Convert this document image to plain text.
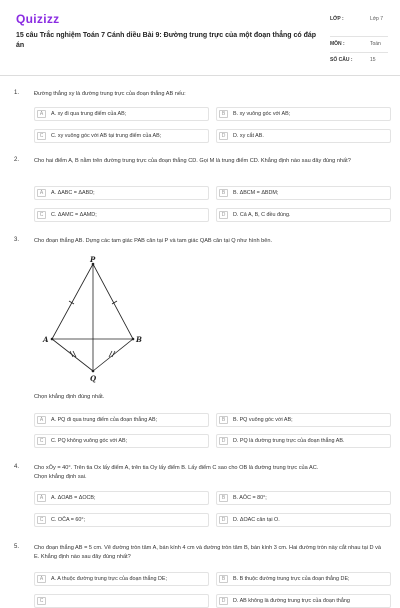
Quizizz
15 câu Trắc nghiệm Toán 7 Cánh diều Bài 9: Đường trung trực của một đoạn thẳng có đáp án
LỚP :	Lớp 7
MÔN :	Toán
SỐ CÂU :	15
1.	Đường thẳng xy là đường trung trực của đoạn thẳng AB nếu:
A	A. xy đi qua trung điểm của AB;	B	B. xy vuông góc với AB;
C	C. xy vuông góc với AB tại trung điểm của AB;	D	D. xy cắt AB.
2.	Cho hai điểm A, B nằm trên đường trung trực của đoạn thẳng CD. Gọi M là trung điểm CD. Khẳng định nào sau đây đúng nhất?
A	A. ΔABC = ΔABD;	B	B. ΔBCM = ΔBDM;
C	C. ΔAMC = ΔAMD;	D	D. Cả A, B, C đều đúng.
3.	Cho đoạn thẳng AB. Dựng các tam giác PAB cân tại P và tam giác QAB cân tại Q như hình bên.
P
A	B
Q
Chọn khẳng định đúng nhất.
A	A. PQ đi qua trung điểm của đoạn thẳng AB;	B	B. PQ vuông góc với AB;
C	C. PQ không vuông góc với AB;	D	D. PQ là đường trung trực của đoạn thẳng AB.
4.	Cho xÔy = 40°. Trên tia Ox lấy điểm A, trên tia Oy lấy điểm B. Lấy điểm C sao cho OB là đường trung trực của AC.
Chọn khẳng định sai.
A	A. ΔOAB = ΔOCB;	B	B. AÔC = 80°;
C	C. OĈA = 60°;	D	D. ΔOAC cân tại O.
5.	Cho đoạn thẳng AB = 5 cm. Vẽ đường tròn tâm A, bán kính 4 cm và đường tròn tâm B, bán kính 3 cm. Hai đường tròn này cắt nhau tại D và E. Khẳng định nào sau đây đúng nhất?
A	A. A thuộc đường trung trực của đoạn thẳng DE;	B	B. B thuộc đường trung trực của đoạn thẳng DE;
C	D	D. AB không là đường trung trực của đoạn thẳng
